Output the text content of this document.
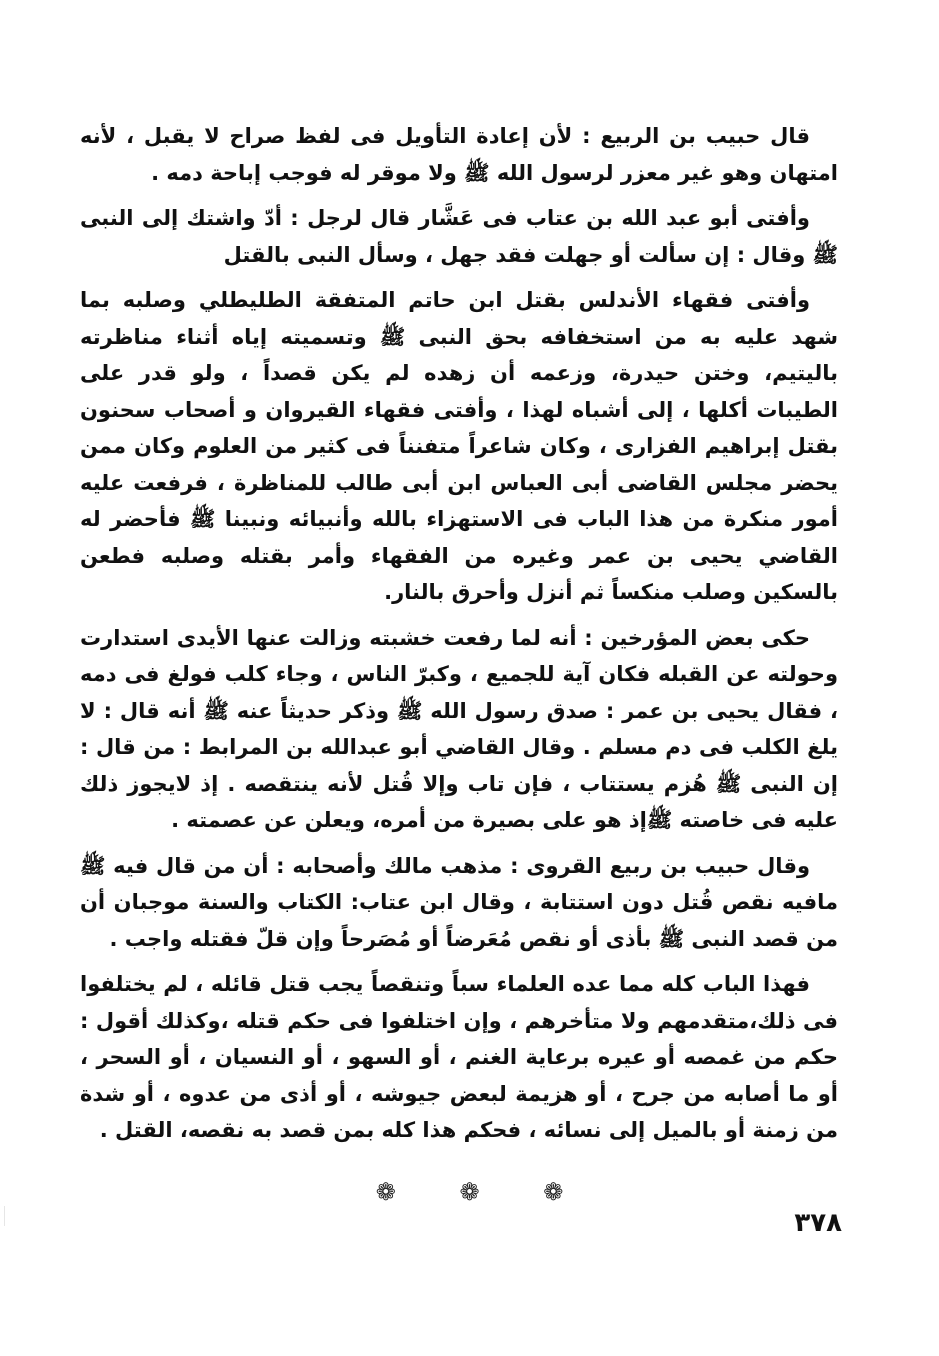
قال حبيب بن الربيع : لأن إعادة التأويل فى لفظ صراح لا يقبل ، لأنه امتهان وهو غير معزر لرسول الله ﷺ ولا موقر له فوجب إباحة دمه .

وأفتى أبو عبد الله بن عتاب فى عَشَّار قال لرجل : أدّ واشتك إلى النبى ﷺ وقال : إن سألت أو جهلت فقد جهل ، وسأل النبى بالقتل

وأفتى فقهاء الأندلس بقتل ابن حاتم المتفقة الطليطلي وصلبه بما شهد عليه به من استخفافه بحق النبى ﷺ وتسميته إياه أثناء مناظرته باليتيم، وختن حيدرة، وزعمه أن زهده لم يكن قصداً ، ولو قدر على الطيبات أكلها ، إلى أشباه لهذا ، وأفتى فقهاء القيروان و أصحاب سحنون بقتل إبراهيم الفزارى ، وكان شاعراً متفنناً فى كثير من العلوم وكان ممن يحضر مجلس القاضى أبى العباس ابن أبى طالب للمناظرة ، فرفعت عليه أمور منكرة من هذا الباب فى الاستهزاء بالله وأنبيائه ونبينا ﷺ فأحضر له القاضي يحيى بن عمر وغيره من الفقهاء وأمر بقتله وصلبه فطعن بالسكين وصلب منكساً ثم أنزل وأحرق بالنار.

حكى بعض المؤرخين : أنه لما رفعت خشبته وزالت عنها الأيدى استدارت وحولته عن القبله فكان آية للجميع ، وكبرّ الناس ، وجاء كلب فولغ فى دمه ، فقال يحيى بن عمر : صدق رسول الله ﷺ وذكر حديثاً عنه ﷺ أنه قال : لا يلغ الكلب فى دم مسلم . وقال القاضي أبو عبدالله بن المرابط : من قال : إن النبى ﷺ هُزم يستتاب ، فإن تاب وإلا قُتل لأنه ينتقصه . إذ لايجوز ذلك عليه فى خاصته ﷺإذ هو على بصيرة من أمره، ويعلن عن عصمته .

وقال حبيب بن ربيع القروى : مذهب مالك وأصحابه : أن من قال فيه ﷺ مافيه نقص قُتل دون استتابة ، وقال ابن عتاب: الكتاب والسنة موجبان أن من قصد النبى ﷺ بأذى أو نقص مُعَرضاً أو مُصَرحاً وإن قلّ فقتله واجب .

فهذا الباب كله مما عده العلماء سباً وتنقصاً يجب قتل قائله ، لم يختلفوا فى ذلك،متقدمهم ولا متأخرهم ، وإن اختلفوا فى حكم قتله ،وكذلك أقول : حكم من غمصه أو عيره برعاية الغنم ، أو السهو ، أو النسيان ، أو السحر ، أو ما أصابه من جرح ، أو هزيمة لبعض جيوشه ، أو أذى من عدوه ، أو شدة من زمنة أو بالميل إلى نسائه ، فحكم هذا كله بمن قصد به نقصه، القتل .

❁	❁	❁
٣٧٨
